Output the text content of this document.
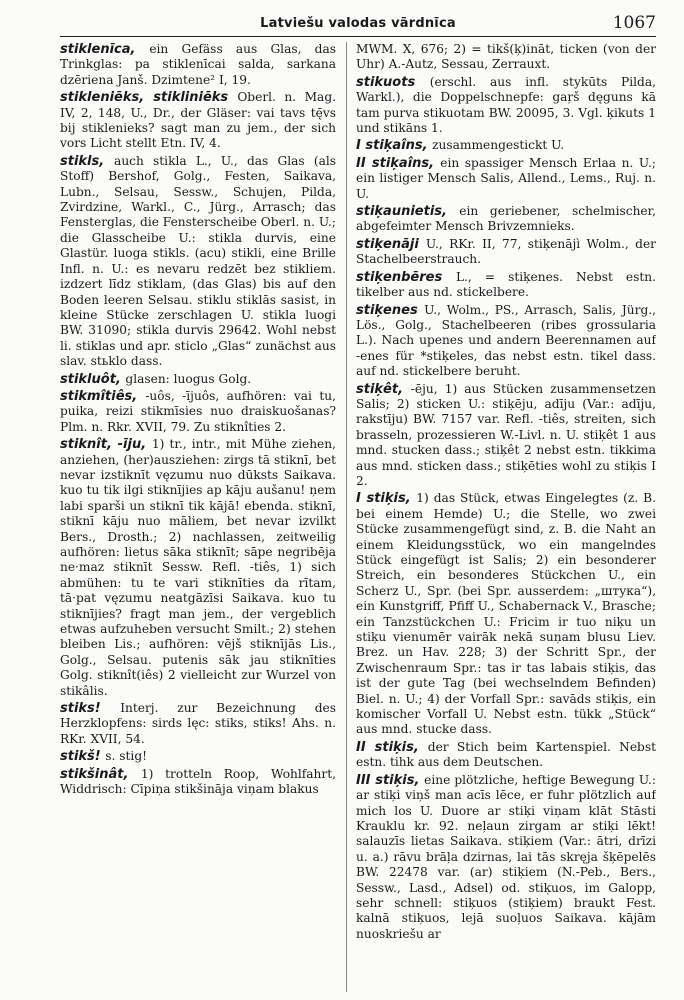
Latviešu valodas vārdnīca	1067

stiklenīca, ein Gefäss aus Glas, das Trinkglas: pa stiklenīcai salda, sarkana dzēriena Janš. Dzimtene² I, 19.

stikleniēks, stikliniēks Oberl. n. Mag. IV, 2, 148, U., Dr., der Gläser: vai tavs tę̄vs bij stiklenieks? sagt man zu jem., der sich vors Licht stellt Etn. IV, 4.

stikls, auch stikla L., U., das Glas (als Stoff) Bershof, Golg., Festen, Saikava, Lubn., Selsau, Sessw., Schujen, Pilda, Zvirdzine, Warkl., C., Jürg., Arrasch; das Fensterglas, die Fensterscheibe Oberl. n. U.; die Glasscheibe U.: stikla durvis, eine Glastür. luoga stikls. (acu) stikli, eine Brille Infl. n. U.: es nevaru redzēt bez stikliem. izdzert līdz stiklam, (das Glas) bis auf den Boden leeren Selsau. stiklu stiklās sasist, in kleine Stücke zerschlagen U. stikla luogi BW. 31090; stikla durvis 29642. Wohl nebst li. stiklas und apr. sticlo „Glas“ zunächst aus slav. stьklo dass.

stikluôt, glasen: luogus Golg.

stikmîtiês, -uôs, -ījuôs, aufhören: vai tu, puika, reizi stikmīsies nuo draiskuošanas? Plm. n. Rkr. XVII, 79. Zu stiknîties 2.

stiknît, -īju, 1) tr., intr., mit Mühe ziehen, anziehen, (her)ausziehen: zirgs tā stiknī, bet nevar izstiknīt vęzumu nuo dūksts Saikava. kuo tu tik ilgi stiknījies ap kāju aušanu! ņem labi sparši un stiknī tik kājā! ebenda. stiknī, stiknī kāju nuo māliem, bet nevar izvilkt Bers., Drosth.; 2) nachlassen, zeitweilig aufhören: lietus sāka stiknīt; sāpe negribēja ne·maz stiknīt Sessw. Refl. -tiês, 1) sich abmühen: tu te vari stiknīties da rītam, tā·pat vęzumu neatgāzīsi Saikava. kuo tu stiknījies? fragt man jem., der vergeblich etwas aufzuheben versucht Smilt.; 2) stehen bleiben Lis.; aufhören: vējš stiknījās Lis., Golg., Selsau. putenis sāk jau stiknīties Golg. stiknît(iês) 2 vielleicht zur Wurzel von stikâlis.

stiks! Interj. zur Bezeichnung des Herzklopfens: sirds lęc: stiks, stiks! Ahs. n. RKr. XVII, 54.

stikš! s. stig!

stikšinât, 1) trotteln Roop, Wohlfahrt, Widdrisch: Cīpiņa stikšināja viņam blakus

MWM. X, 676; 2) = tikš(ķ)ināt, ticken (von der Uhr) A.-Autz, Sessau, Zerrauxt.

stikuots (erschl. aus infl. stykūts Pilda, Warkl.), die Doppelschnepfe: gaŗš dęguns kā tam purva stikuotam BW. 20095, 3. Vgl. ķikuts 1 und stikāns 1.

I stiķaîns, zusammengestickt U.

II stiķaîns, ein spassiger Mensch Erlaa n. U.; ein listiger Mensch Salis, Allend., Lems., Ruj. n. U.

stiķaunietis, ein geriebener, schelmischer, abgefeimter Mensch Brivzemnieks.

stiķenāji U., RKr. II, 77, stiķenājì Wolm., der Stachelbeerstrauch.

stiķenbēres L., = stiķenes. Nebst estn. tikelber aus nd. stickelbere.

stiķenes U., Wolm., PS., Arrasch, Salis, Jürg., Lös., Golg., Stachelbeeren (ribes grossularia L.). Nach upenes und andern Beerennamen auf -enes für *stiķeles, das nebst estn. tikel dass. auf nd. stickelbere beruht.

stiķêt, -ēju, 1) aus Stücken zusammensetzen Salis; 2) sticken U.: stiķēju, adīju (Var.: adīju, rakstīju) BW. 7157 var. Refl. -tiês, streiten, sich brasseln, prozessieren W.-Livl. n. U. stiķêt 1 aus mnd. stucken dass.; stiķêt 2 nebst estn. tikkima aus mnd. sticken dass.; stiķēties wohl zu stiķis I 2.

I stiķis, 1) das Stück, etwas Eingelegtes (z. B. bei einem Hemde) U.; die Stelle, wo zwei Stücke zusammengefügt sind, z. B. die Naht an einem Kleidungsstück, wo ein mangelndes Stück eingefügt ist Salis; 2) ein besonderer Streich, ein besonderes Stückchen U., ein Scherz U., Spr. (bei Spr. ausserdem: „штука“), ein Kunstgriff, Pfiff U., Schabernack V., Brasche; ein Tanzstückchen U.: Fricim ir tuo niķu un stiķu vienumēr vairāk nekā suņam blusu Liev. Brez. un Hav. 228; 3) der Schritt Spr., der Zwischenraum Spr.: tas ir tas labais stiķis, das ist der gute Tag (bei wechselndem Befinden) Biel. n. U.; 4) der Vorfall Spr.: savāds stiķis, ein komischer Vorfall U. Nebst estn. tükk „Stück“ aus mnd. stucke dass.

II stiķis, der Stich beim Kartenspiel. Nebst estn. tihk aus dem Deutschen.

III stiķis, eine plötzliche, heftige Bewegung U.: ar stiķi viņš man acīs lēce, er fuhr plötzlich auf mich los U. Duore ar stiķi viņam klāt Stāsti Krauklu kr. 92. neļaun zirgam ar stiķi lēkt! salauzīs lietas Saikava. stiķiem (Var.: ātri, drīzi u. a.) rāvu brāļa dzirnas, lai tās skręja šķēpelēs BW. 22478 var. (ar) stiķiem (N.-Peb., Bers., Sessw., Lasd., Adsel) od. stiķuos, im Galopp, sehr schnell: stiķuos (stiķiem) braukt Fest. kalnā stiķuos, lejā suoļuos Saikava. kājām nuoskriešu ar
